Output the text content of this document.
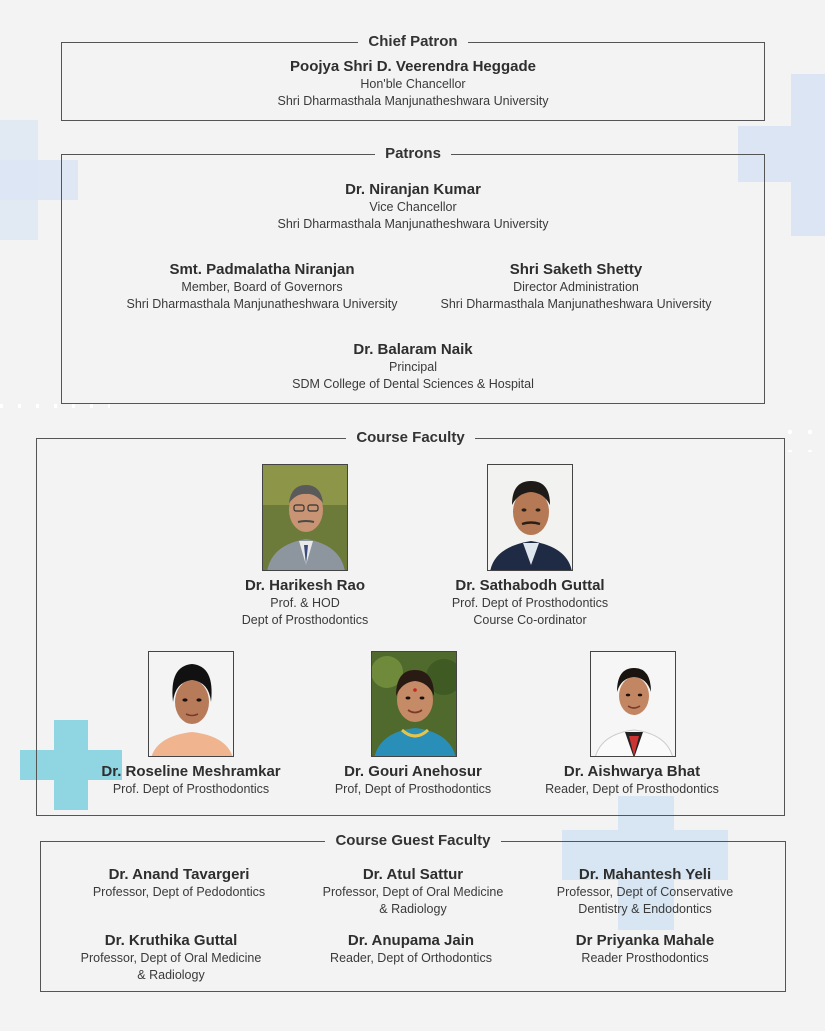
Chief Patron
Poojya Shri D. Veerendra Heggade
Hon'ble Chancellor
Shri Dharmasthala Manjunatheshwara University
Patrons
Dr. Niranjan Kumar
Vice Chancellor
Shri Dharmasthala Manjunatheshwara University
Smt. Padmalatha Niranjan
Member, Board of Governors
Shri Dharmasthala Manjunatheshwara University
Shri Saketh Shetty
Director Administration
Shri Dharmasthala Manjunatheshwara University
Dr. Balaram Naik
Principal
SDM College of Dental Sciences & Hospital
Course Faculty
Dr. Harikesh Rao
Prof. & HOD
Dept of Prosthodontics
Dr. Sathabodh Guttal
Prof. Dept of Prosthodontics
Course Co-ordinator
Dr. Roseline Meshramkar
Prof. Dept of Prosthodontics
Dr. Gouri Anehosur
Prof, Dept of Prosthodontics
Dr. Aishwarya Bhat
Reader, Dept of Prosthodontics
Course Guest Faculty
Dr. Anand Tavargeri
Professor, Dept of Pedodontics
Dr. Atul Sattur
Professor, Dept of Oral Medicine
& Radiology
Dr. Mahantesh Yeli
Professor, Dept of Conservative
Dentistry & Endodontics
Dr. Kruthika Guttal
Professor, Dept of Oral Medicine
& Radiology
Dr. Anupama Jain
Reader, Dept of Orthodontics
Dr Priyanka Mahale
Reader Prosthodontics
